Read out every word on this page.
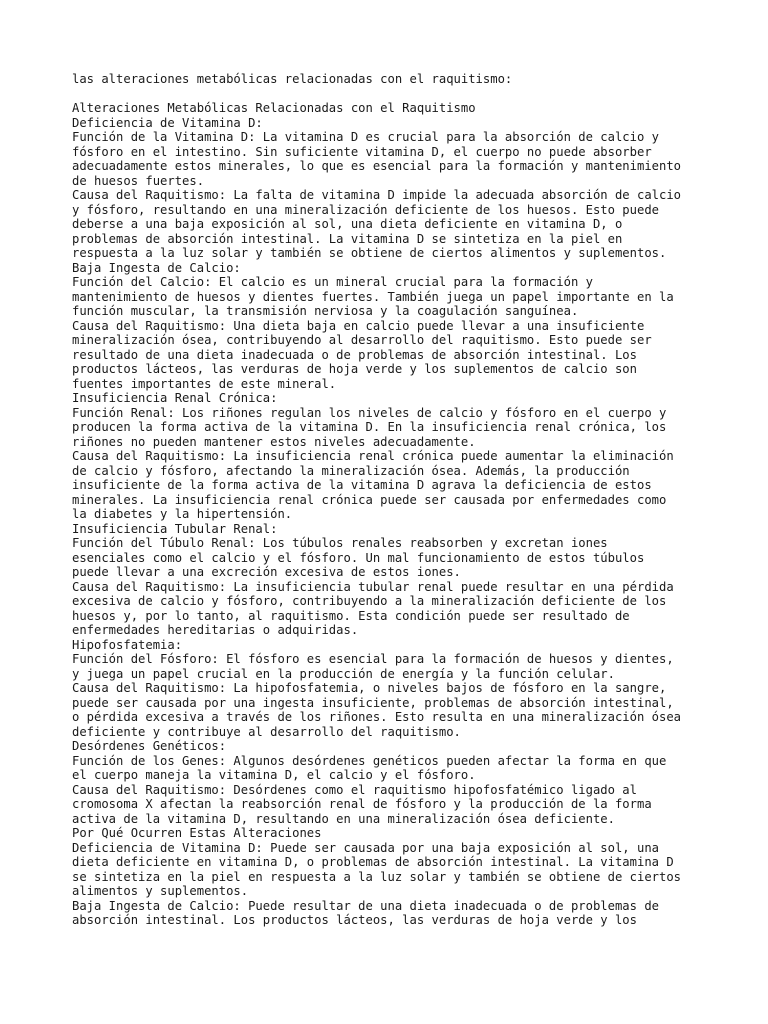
las alteraciones metabólicas relacionadas con el raquitismo:
Alteraciones Metabólicas Relacionadas con el Raquitismo
Deficiencia de Vitamina D:
Función de la Vitamina D: La vitamina D es crucial para la absorción de calcio y
fósforo en el intestino. Sin suficiente vitamina D, el cuerpo no puede absorber
adecuadamente estos minerales, lo que es esencial para la formación y mantenimiento
de huesos fuertes.
Causa del Raquitismo: La falta de vitamina D impide la adecuada absorción de calcio
y fósforo, resultando en una mineralización deficiente de los huesos. Esto puede
deberse a una baja exposición al sol, una dieta deficiente en vitamina D, o
problemas de absorción intestinal. La vitamina D se sintetiza en la piel en
respuesta a la luz solar y también se obtiene de ciertos alimentos y suplementos.
Baja Ingesta de Calcio:
Función del Calcio: El calcio es un mineral crucial para la formación y
mantenimiento de huesos y dientes fuertes. También juega un papel importante en la
función muscular, la transmisión nerviosa y la coagulación sanguínea.
Causa del Raquitismo: Una dieta baja en calcio puede llevar a una insuficiente
mineralización ósea, contribuyendo al desarrollo del raquitismo. Esto puede ser
resultado de una dieta inadecuada o de problemas de absorción intestinal. Los
productos lácteos, las verduras de hoja verde y los suplementos de calcio son
fuentes importantes de este mineral.
Insuficiencia Renal Crónica:
Función Renal: Los riñones regulan los niveles de calcio y fósforo en el cuerpo y
producen la forma activa de la vitamina D. En la insuficiencia renal crónica, los
riñones no pueden mantener estos niveles adecuadamente.
Causa del Raquitismo: La insuficiencia renal crónica puede aumentar la eliminación
de calcio y fósforo, afectando la mineralización ósea. Además, la producción
insuficiente de la forma activa de la vitamina D agrava la deficiencia de estos
minerales. La insuficiencia renal crónica puede ser causada por enfermedades como
la diabetes y la hipertensión.
Insuficiencia Tubular Renal:
Función del Túbulo Renal: Los túbulos renales reabsorben y excretan iones
esenciales como el calcio y el fósforo. Un mal funcionamiento de estos túbulos
puede llevar a una excreción excesiva de estos iones.
Causa del Raquitismo: La insuficiencia tubular renal puede resultar en una pérdida
excesiva de calcio y fósforo, contribuyendo a la mineralización deficiente de los
huesos y, por lo tanto, al raquitismo. Esta condición puede ser resultado de
enfermedades hereditarias o adquiridas.
Hipofosfatemia:
Función del Fósforo: El fósforo es esencial para la formación de huesos y dientes,
y juega un papel crucial en la producción de energía y la función celular.
Causa del Raquitismo: La hipofosfatemia, o niveles bajos de fósforo en la sangre,
puede ser causada por una ingesta insuficiente, problemas de absorción intestinal,
o pérdida excesiva a través de los riñones. Esto resulta en una mineralización ósea
deficiente y contribuye al desarrollo del raquitismo.
Desórdenes Genéticos:
Función de los Genes: Algunos desórdenes genéticos pueden afectar la forma en que
el cuerpo maneja la vitamina D, el calcio y el fósforo.
Causa del Raquitismo: Desórdenes como el raquitismo hipofosfatémico ligado al
cromosoma X afectan la reabsorción renal de fósforo y la producción de la forma
activa de la vitamina D, resultando en una mineralización ósea deficiente.
Por Qué Ocurren Estas Alteraciones
Deficiencia de Vitamina D: Puede ser causada por una baja exposición al sol, una
dieta deficiente en vitamina D, o problemas de absorción intestinal. La vitamina D
se sintetiza en la piel en respuesta a la luz solar y también se obtiene de ciertos
alimentos y suplementos.
Baja Ingesta de Calcio: Puede resultar de una dieta inadecuada o de problemas de
absorción intestinal. Los productos lácteos, las verduras de hoja verde y los
